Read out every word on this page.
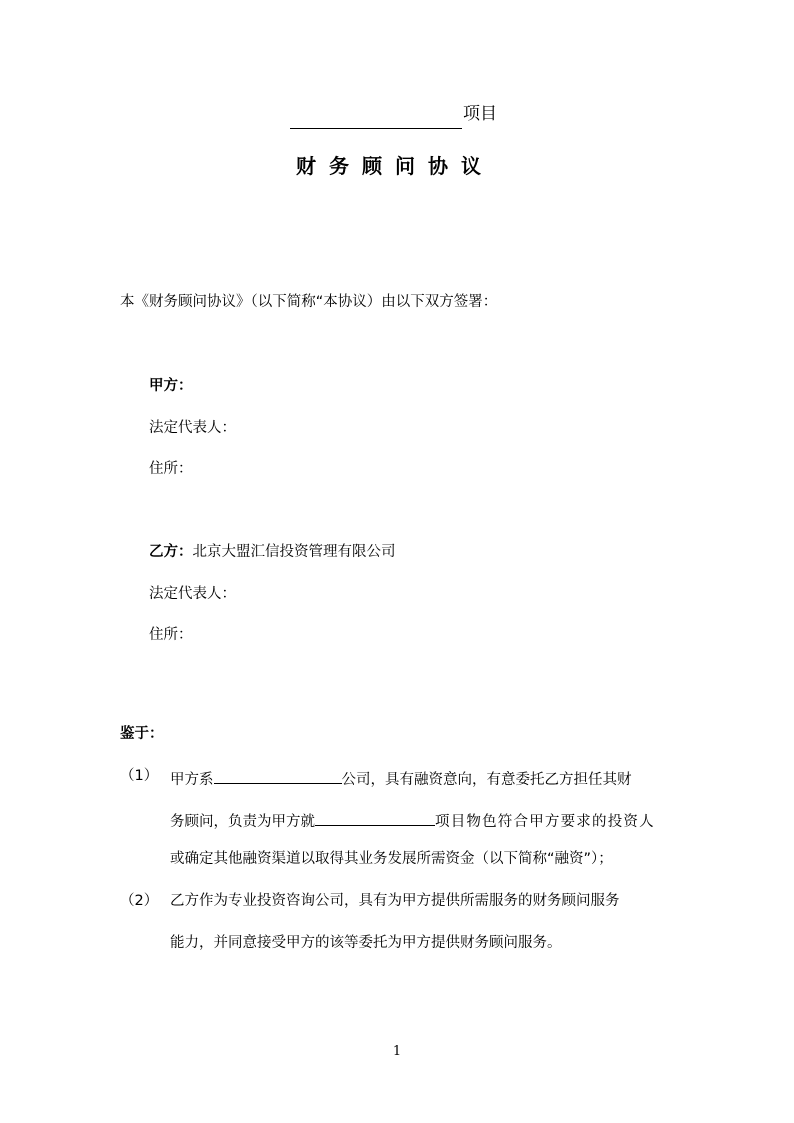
项目
财务顾问协议
本《财务顾问协议》（以下简称“本协议）由以下双方签署：
甲方：
法定代表人：
住所：
乙方：北京大盟汇信投资管理有限公司
法定代表人：
住所：
鉴于：
（1） 甲方系	公司，具有融资意向，有意委托乙方担任其财
务顾问，负责为甲方就	项目物色符合甲方要求的投资人
或确定其他融资渠道以取得其业务发展所需资金（以下简称“融资”）；
（2） 乙方作为专业投资咨询公司，具有为甲方提供所需服务的财务顾问服务
能力，并同意接受甲方的该等委托为甲方提供财务顾问服务。
1
